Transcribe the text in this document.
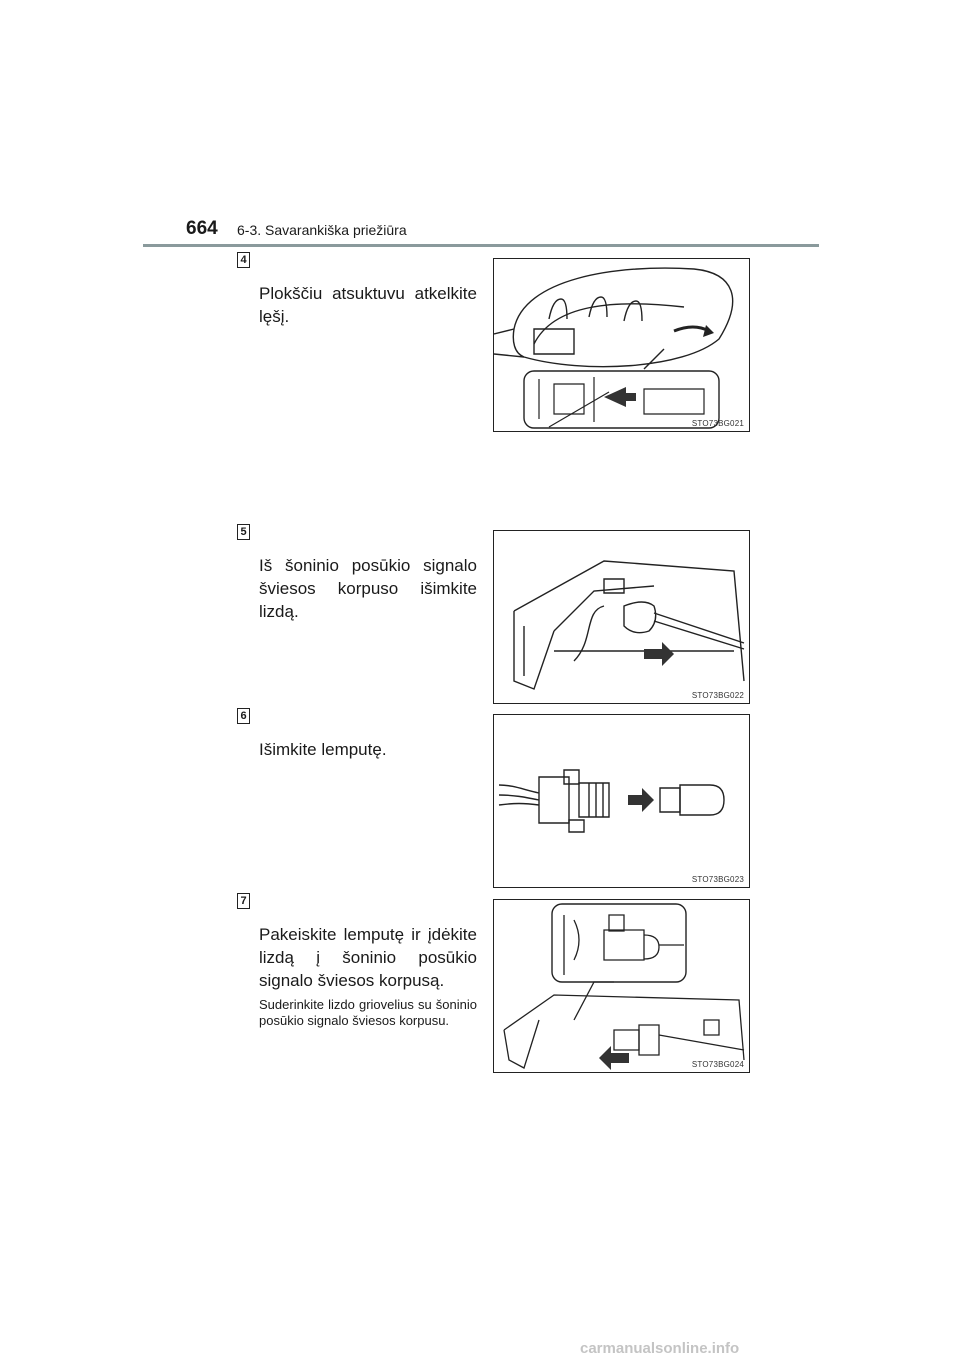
664 6-3. Savarankiška priežiūra
4
Plokščiu atsuktuvu atkelkite lęšį.
STO73BG021
5
Iš šoninio posūkio signalo šviesos korpuso išimkite lizdą.
STO73BG022
6
Išimkite lemputę.
STO73BG023
7
Pakeiskite lemputę ir įdėkite lizdą į šoninio posūkio signalo šviesos korpusą.
Suderinkite lizdo griovelius su šoninio posūkio signalo šviesos korpusu.
STO73BG024
carmanualsonline.info
